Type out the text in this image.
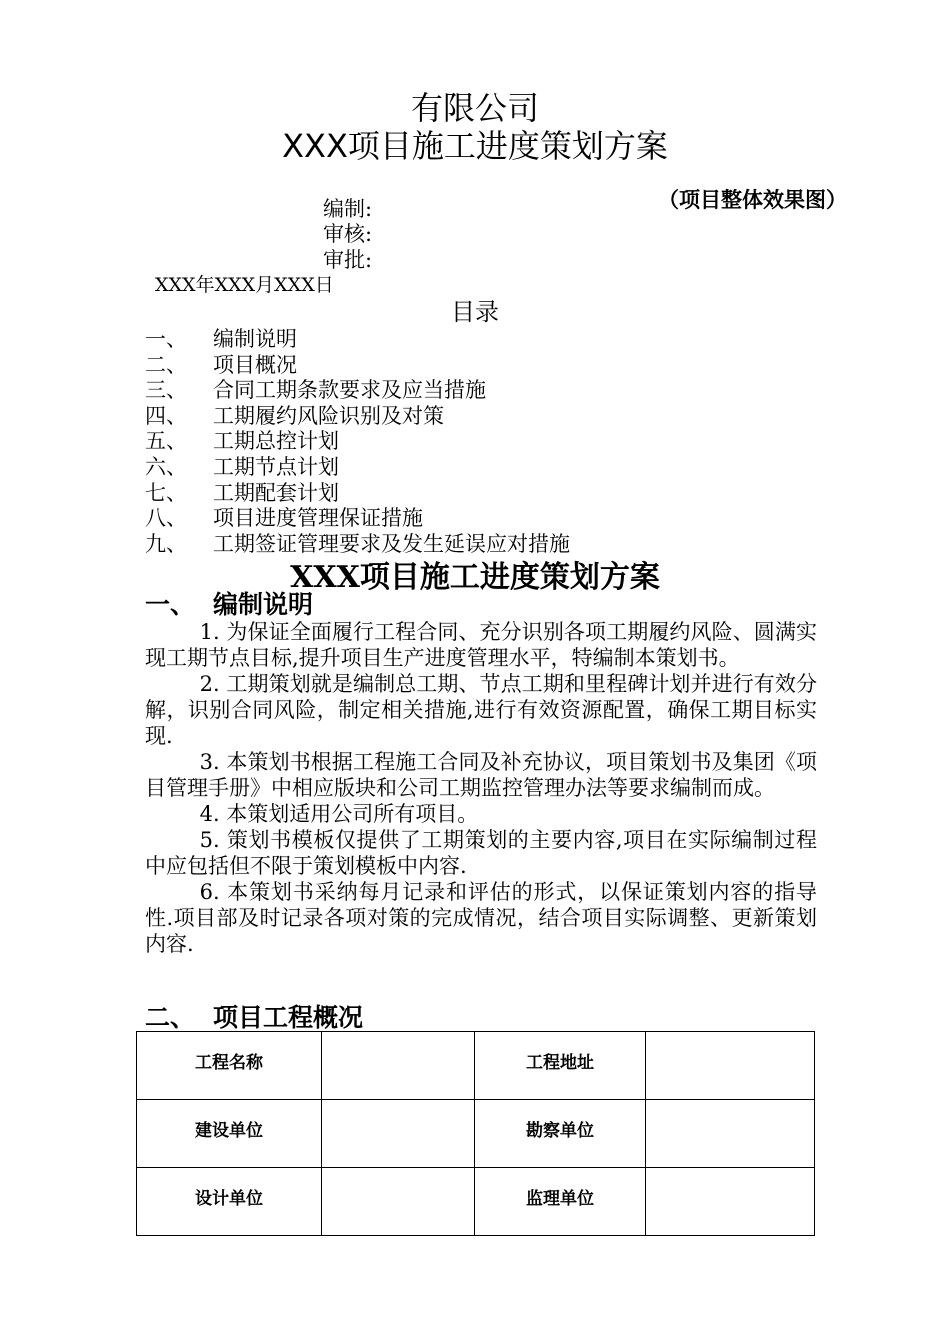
有限公司
XXX项目施工进度策划方案
（项目整体效果图）
编制:
审核:
审批:
XXX年XXX月XXX日
目录
一、	编制说明
二、	项目概况
三、	合同工期条款要求及应当措施
四、	工期履约风险识别及对策
五、	工期总控计划
六、	工期节点计划
七、	工期配套计划
八、	项目进度管理保证措施
九、	工期签证管理要求及发生延误应对措施
XXX项目施工进度策划方案
一、 编制说明

1. 为保证全面履行工程合同、充分识别各项工期履约风险、圆满实现工期节点目标,提升项目生产进度管理水平，特编制本策划书。

2. 工期策划就是编制总工期、节点工期和里程碑计划并进行有效分解，识别合同风险，制定相关措施,进行有效资源配置，确保工期目标实现.

3. 本策划书根据工程施工合同及补充协议，项目策划书及集团《项目管理手册》中相应版块和公司工期监控管理办法等要求编制而成。

4. 本策划适用公司所有项目。

5. 策划书模板仅提供了工期策划的主要内容,项目在实际编制过程中应包括但不限于策划模板中内容.

6. 本策划书采纳每月记录和评估的形式，以保证策划内容的指导性.项目部及时记录各项对策的完成情况，结合项目实际调整、更新策划内容.

二、 项目工程概况
工程名称		工程地址	
建设单位		勘察单位	
设计单位		监理单位	
